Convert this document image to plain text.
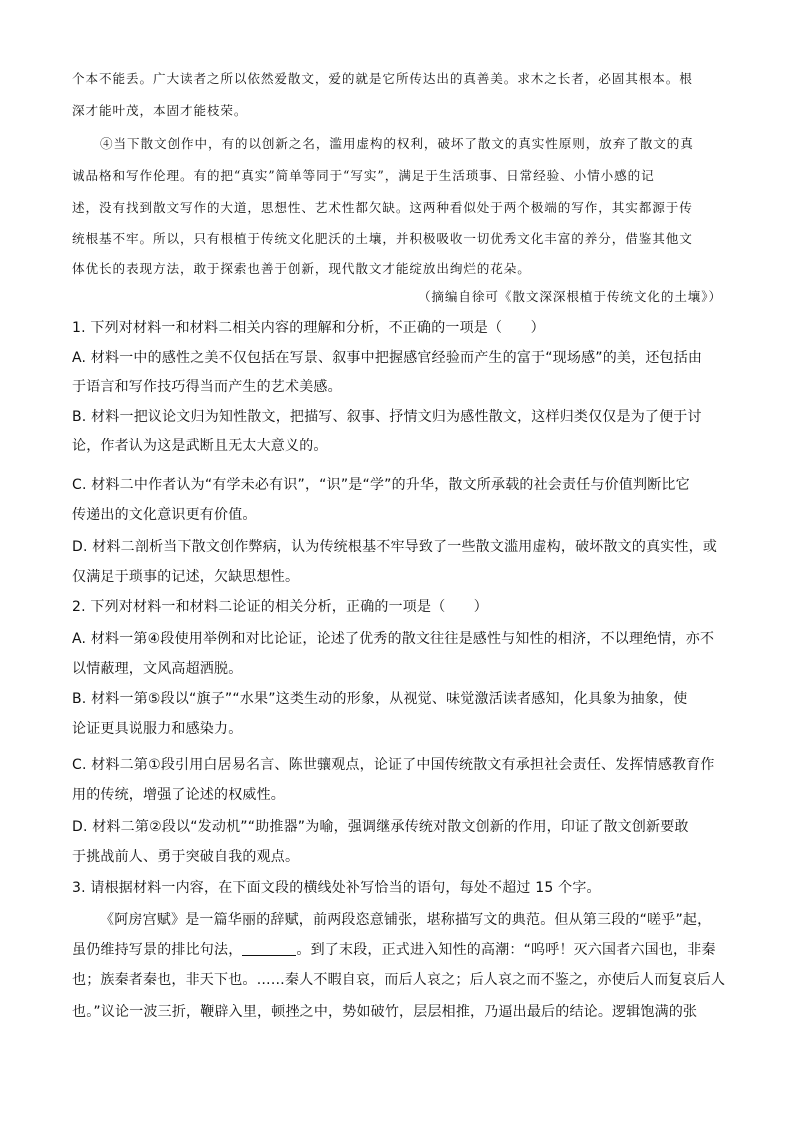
个本不能丢。广大读者之所以依然爱散文，爱的就是它所传达出的真善美。求木之长者，必固其根本。根
深才能叶茂，本固才能枝荣。
④当下散文创作中，有的以创新之名，滥用虚构的权利，破坏了散文的真实性原则，放弃了散文的真
诚品格和写作伦理。有的把“真实”简单等同于“写实”，满足于生活琐事、日常经验、小情小感的记
述，没有找到散文写作的大道，思想性、艺术性都欠缺。这两种看似处于两个极端的写作，其实都源于传
统根基不牢。所以，只有根植于传统文化肥沃的土壤，并积极吸收一切优秀文化丰富的养分，借鉴其他文
体优长的表现方法，敢于探索也善于创新，现代散文才能绽放出绚烂的花朵。
（摘编自徐可《散文深深根植于传统文化的土壤》）
1. 下列对材料一和材料二相关内容的理解和分析，不正确的一项是（　　）
A. 材料一中的感性之美不仅包括在写景、叙事中把握感官经验而产生的富于“现场感”的美，还包括由
于语言和写作技巧得当而产生的艺术美感。
B. 材料一把议论文归为知性散文，把描写、叙事、抒情文归为感性散文，这样归类仅仅是为了便于讨
论，作者认为这是武断且无太大意义的。
C. 材料二中作者认为“有学未必有识”，“识”是“学”的升华，散文所承载的社会责任与价值判断比它
传递出的文化意识更有价值。
D. 材料二剖析当下散文创作弊病，认为传统根基不牢导致了一些散文滥用虚构，破坏散文的真实性，或
仅满足于琐事的记述，欠缺思想性。
2. 下列对材料一和材料二论证的相关分析，正确的一项是（　　）
A. 材料一第④段使用举例和对比论证，论述了优秀的散文往往是感性与知性的相济，不以理绝情，亦不
以情蔽理，文风高超洒脱。
B. 材料一第⑤段以“旗子”“水果”这类生动的形象，从视觉、味觉激活读者感知，化具象为抽象，使
论证更具说服力和感染力。
C. 材料二第①段引用白居易名言、陈世骧观点，论证了中国传统散文有承担社会责任、发挥情感教育作
用的传统，增强了论述的权威性。
D. 材料二第②段以“发动机”“助推器”为喻，强调继承传统对散文创新的作用，印证了散文创新要敢
于挑战前人、勇于突破自我的观点。
3. 请根据材料一内容，在下面文段的横线处补写恰当的语句，每处不超过 15 个字。
《阿房宫赋》是一篇华丽的辞赋，前两段恣意铺张，堪称描写文的典范。但从第三段的“嗟乎”起，
虽仍维持写景的排比句法，	。到了末段，正式进入知性的高潮：“呜呼！灭六国者六国也，非秦
也；族秦者秦也，非天下也。……秦人不暇自哀，而后人哀之；后人哀之而不鉴之，亦使后人而复哀后人
也。”议论一波三折，鞭辟入里，顿挫之中，势如破竹，层层相推，乃逼出最后的结论。逻辑饱满的张
